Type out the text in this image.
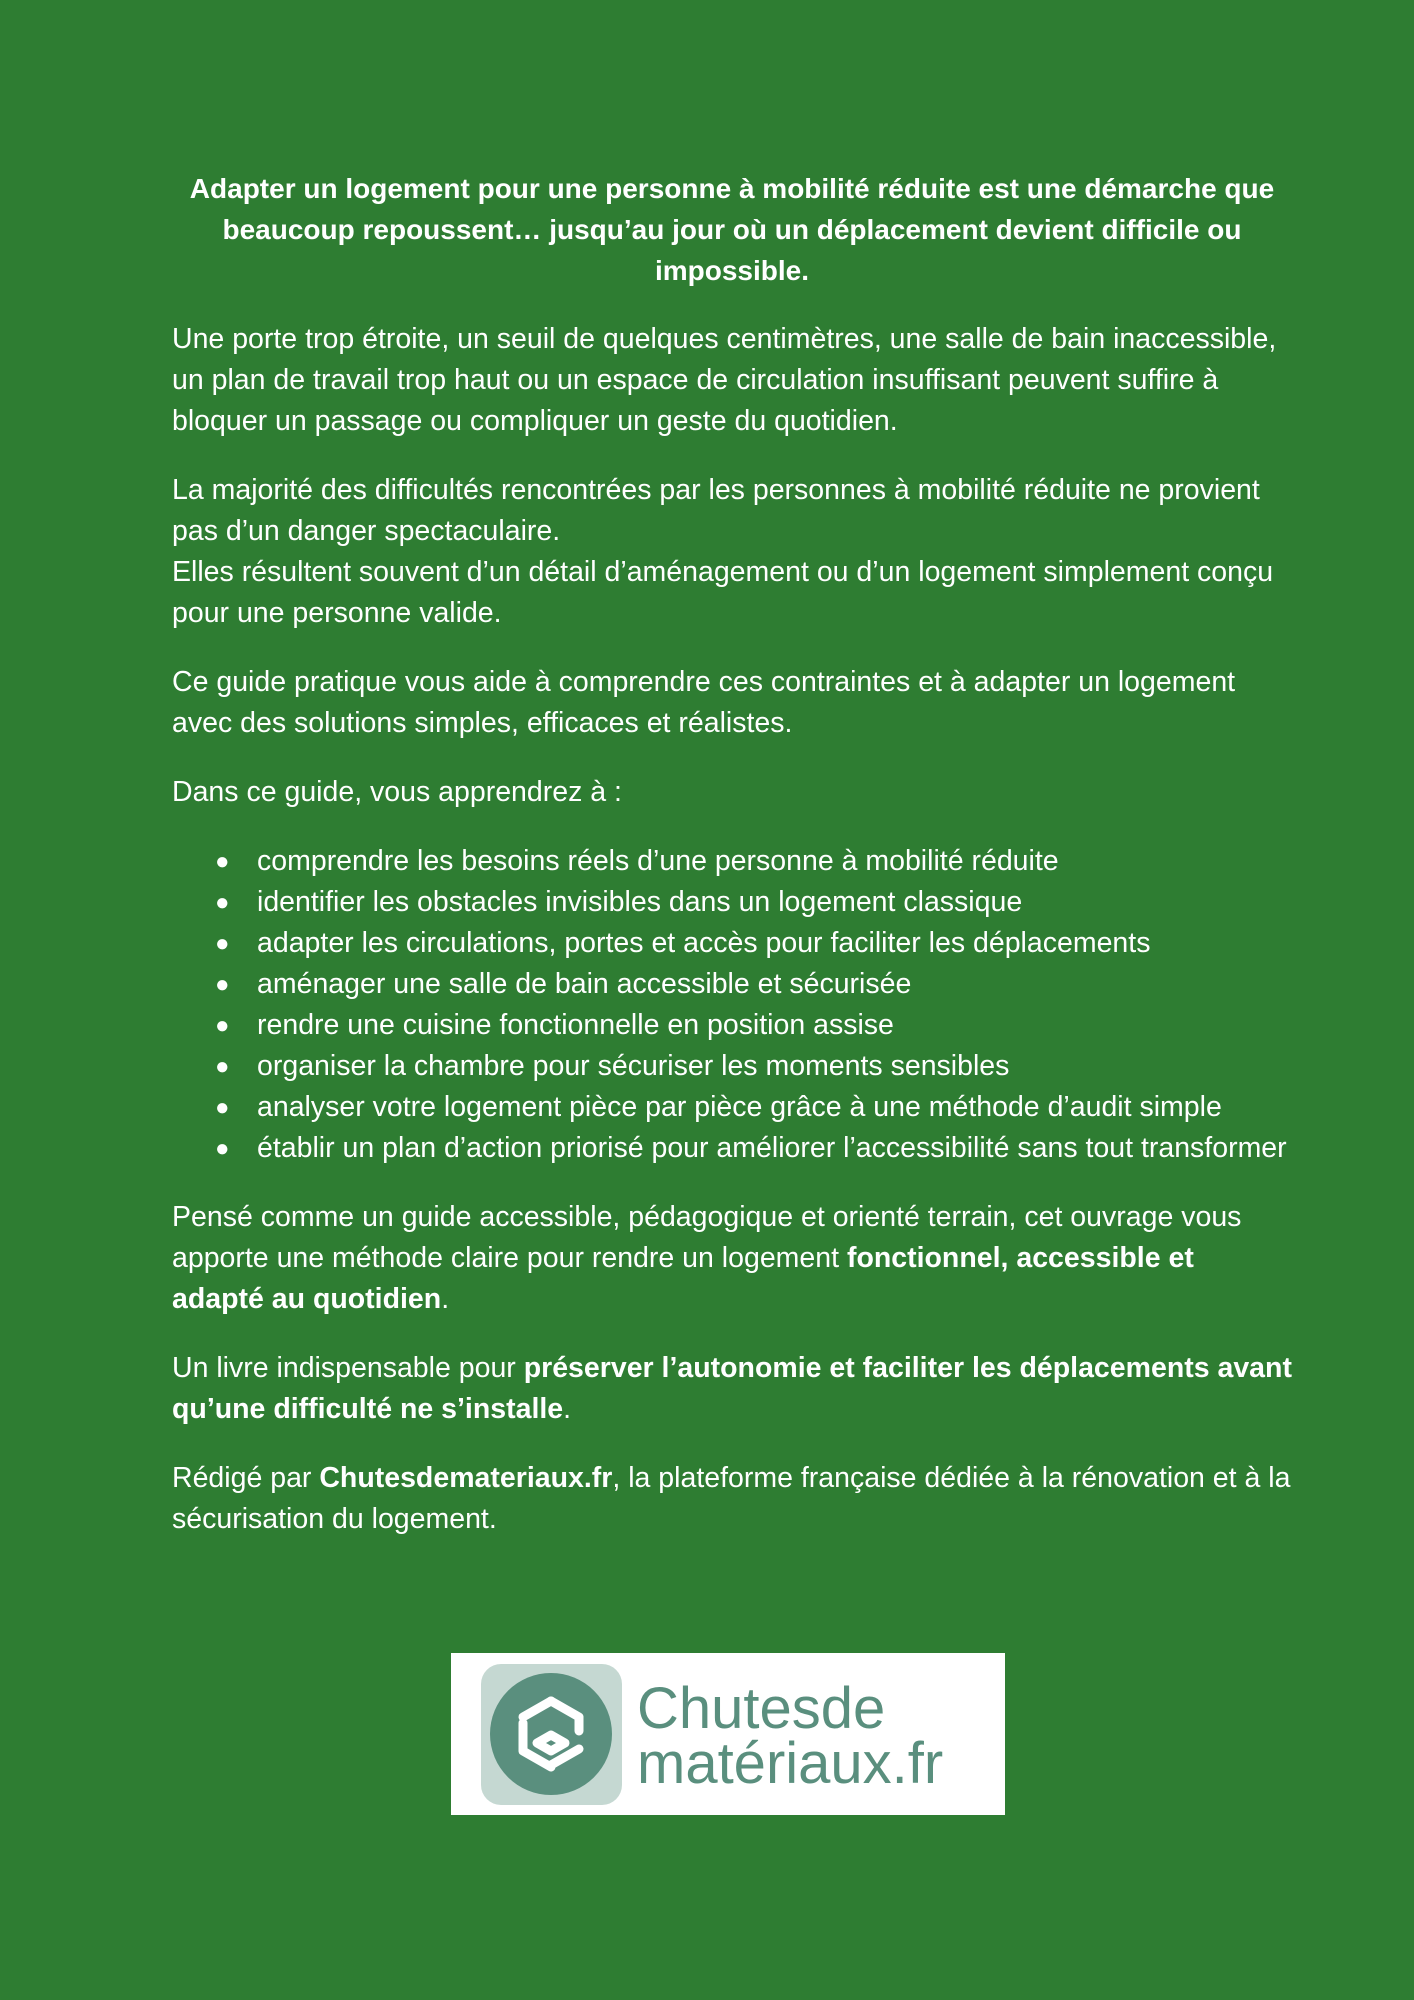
Adapter un logement pour une personne à mobilité réduite est une démarche que beaucoup repoussent… jusqu’au jour où un déplacement devient difficile ou impossible.

Une porte trop étroite, un seuil de quelques centimètres, une salle de bain inaccessible, un plan de travail trop haut ou un espace de circulation insuffisant peuvent suffire à bloquer un passage ou compliquer un geste du quotidien.

La majorité des difficultés rencontrées par les personnes à mobilité réduite ne provient pas d’un danger spectaculaire.
Elles résultent souvent d’un détail d’aménagement ou d’un logement simplement conçu pour une personne valide.

Ce guide pratique vous aide à comprendre ces contraintes et à adapter un logement avec des solutions simples, efficaces et réalistes.

Dans ce guide, vous apprendrez à :

● comprendre les besoins réels d’une personne à mobilité réduite
● identifier les obstacles invisibles dans un logement classique
● adapter les circulations, portes et accès pour faciliter les déplacements
● aménager une salle de bain accessible et sécurisée
● rendre une cuisine fonctionnelle en position assise
● organiser la chambre pour sécuriser les moments sensibles
● analyser votre logement pièce par pièce grâce à une méthode d’audit simple
● établir un plan d’action priorisé pour améliorer l’accessibilité sans tout transformer

Pensé comme un guide accessible, pédagogique et orienté terrain, cet ouvrage vous apporte une méthode claire pour rendre un logement fonctionnel, accessible et adapté au quotidien.

Un livre indispensable pour préserver l’autonomie et faciliter les déplacements avant qu’une difficulté ne s’installe.

Rédigé par Chutesdemateriaux.fr, la plateforme française dédiée à la rénovation et à la sécurisation du logement.

Chutesde
matériaux.fr
